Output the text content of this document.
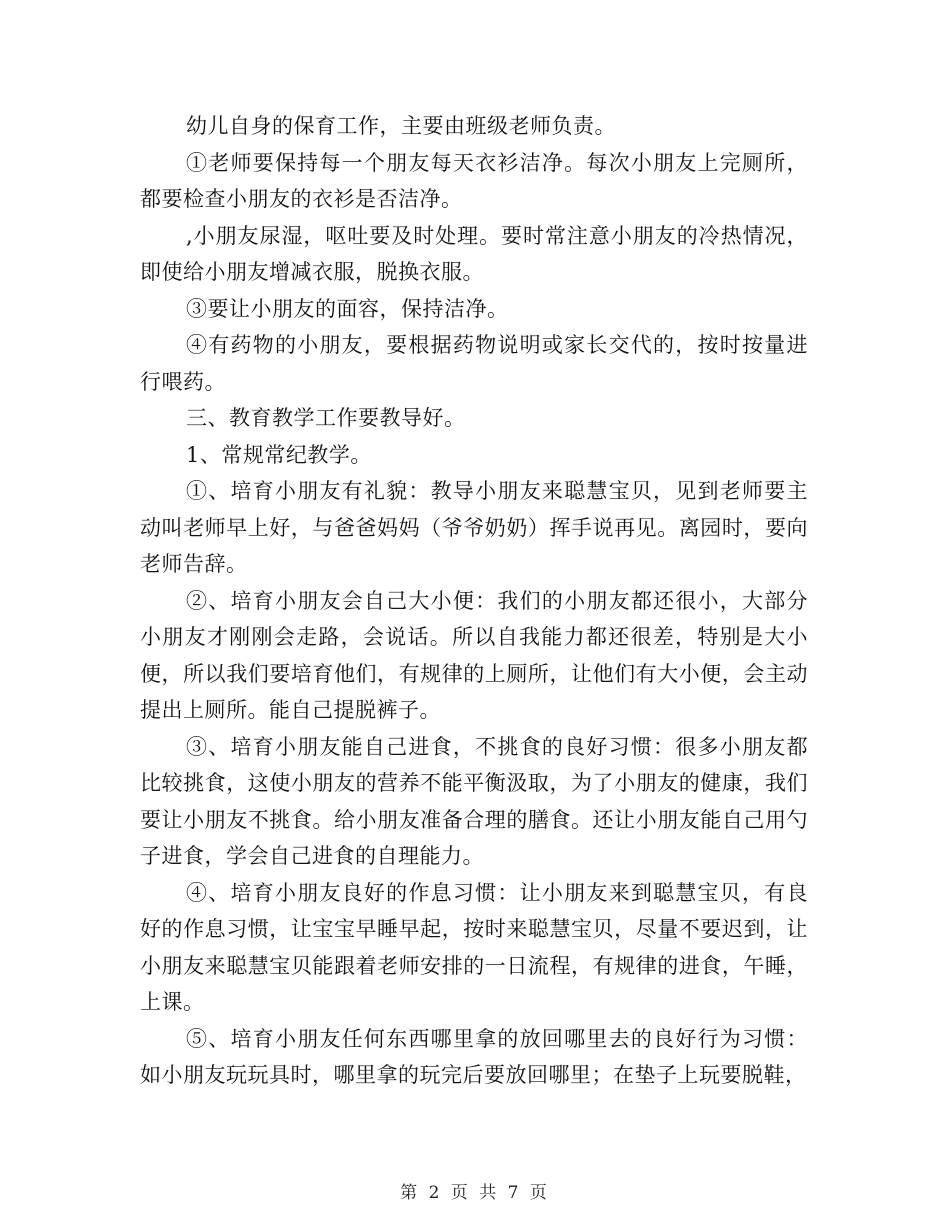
幼儿自身的保育工作，主要由班级老师负责。

①老师要保持每一个朋友每天衣衫洁净。每次小朋友上完厕所，都要检查小朋友的衣衫是否洁净。

,小朋友尿湿，呕吐要及时处理。要时常注意小朋友的冷热情况，即使给小朋友增减衣服，脱换衣服。

③要让小朋友的面容，保持洁净。

④有药物的小朋友，要根据药物说明或家长交代的，按时按量进行喂药。

三、教育教学工作要教导好。

1、常规常纪教学。

①、培育小朋友有礼貌：教导小朋友来聪慧宝贝，见到老师要主动叫老师早上好，与爸爸妈妈（爷爷奶奶）挥手说再见。离园时，要向老师告辞。

②、培育小朋友会自己大小便：我们的小朋友都还很小，大部分小朋友才刚刚会走路，会说话。所以自我能力都还很差，特别是大小便，所以我们要培育他们，有规律的上厕所，让他们有大小便，会主动提出上厕所。能自己提脱裤子。

③、培育小朋友能自己进食，不挑食的良好习惯：很多小朋友都比较挑食，这使小朋友的营养不能平衡汲取，为了小朋友的健康，我们要让小朋友不挑食。给小朋友准备合理的膳食。还让小朋友能自己用勺子进食，学会自己进食的自理能力。

④、培育小朋友良好的作息习惯：让小朋友来到聪慧宝贝，有良好的作息习惯，让宝宝早睡早起，按时来聪慧宝贝，尽量不要迟到，让小朋友来聪慧宝贝能跟着老师安排的一日流程，有规律的进食，午睡，上课。

⑤、培育小朋友任何东西哪里拿的放回哪里去的良好行为习惯：如小朋友玩玩具时，哪里拿的玩完后要放回哪里；在垫子上玩要脱鞋，

第 2 页 共 7 页
